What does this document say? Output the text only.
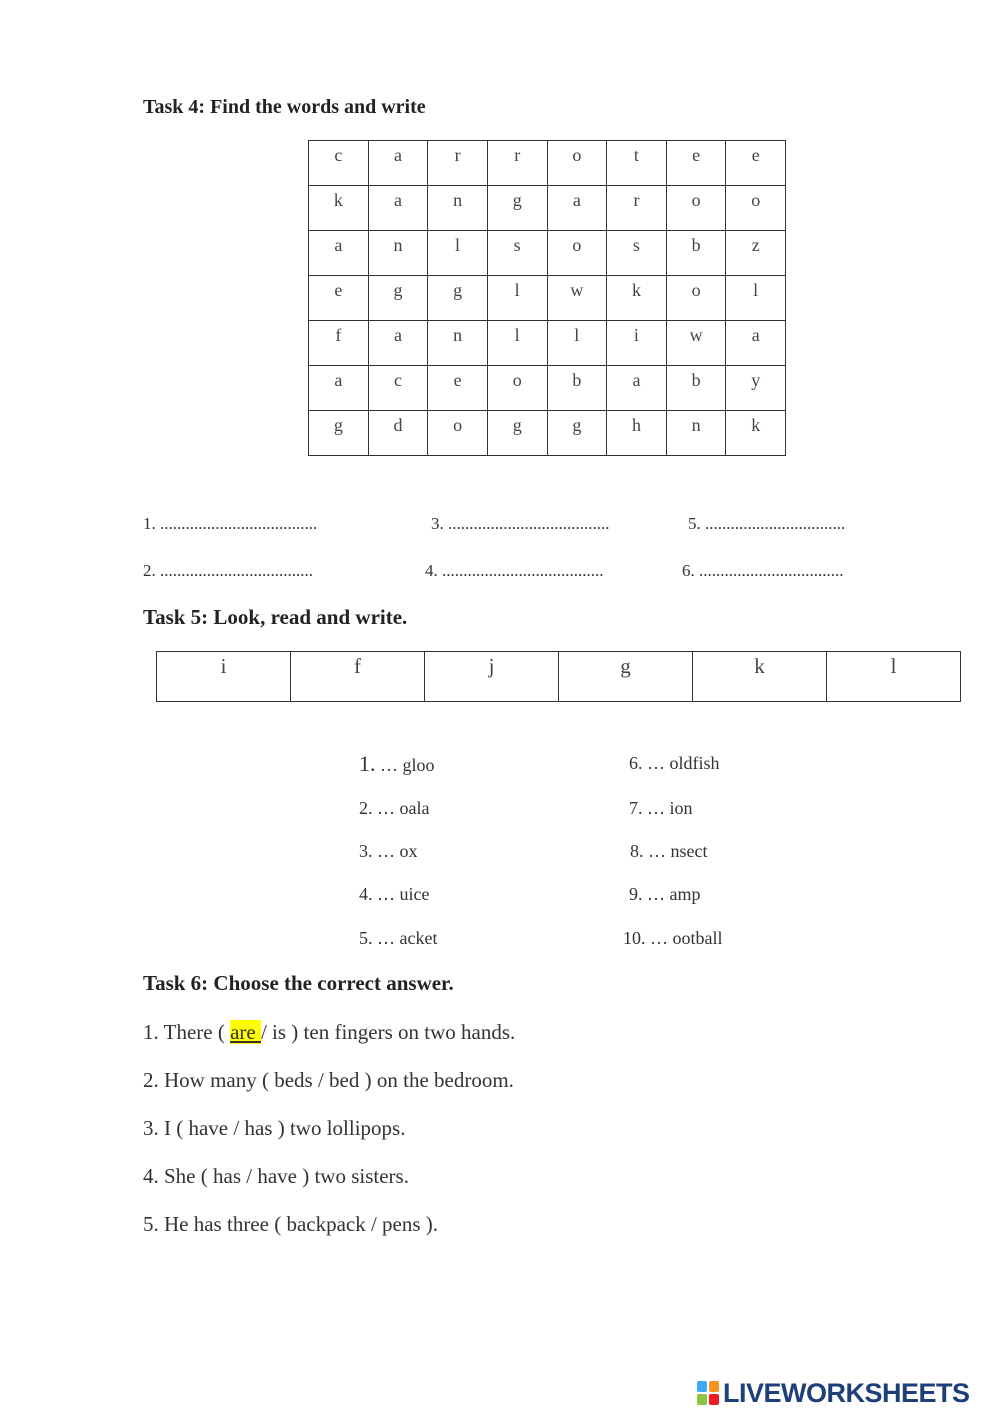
Task 4: Find the words and write
c	a	r	r	o	t	e	e
k	a	n	g	a	r	o	o
a	n	l	s	o	s	b	z
e	g	g	l	w	k	o	l
f	a	n	l	l	i	w	a
a	c	e	o	b	a	b	y
g	d	o	g	g	h	n	k
1. .....................................
2. ....................................
3. ......................................
4. ......................................
5. .................................
6. ..................................
Task 5: Look, read and write.
i	f	j	g	k	l
1. … gloo
2. … oala
3. … ox
4. … uice
5. … acket
6. … oldfish
7. … ion
8. … nsect
9. … amp
10. … ootball
Task 6: Choose the correct answer.
1. There ( are / is ) ten fingers on two hands.
2. How many ( beds / bed ) on the bedroom.
3. I ( have / has ) two lollipops.
4. She ( has / have ) two sisters.
5. He has three ( backpack / pens ).
LIVEWORKSHEETS
